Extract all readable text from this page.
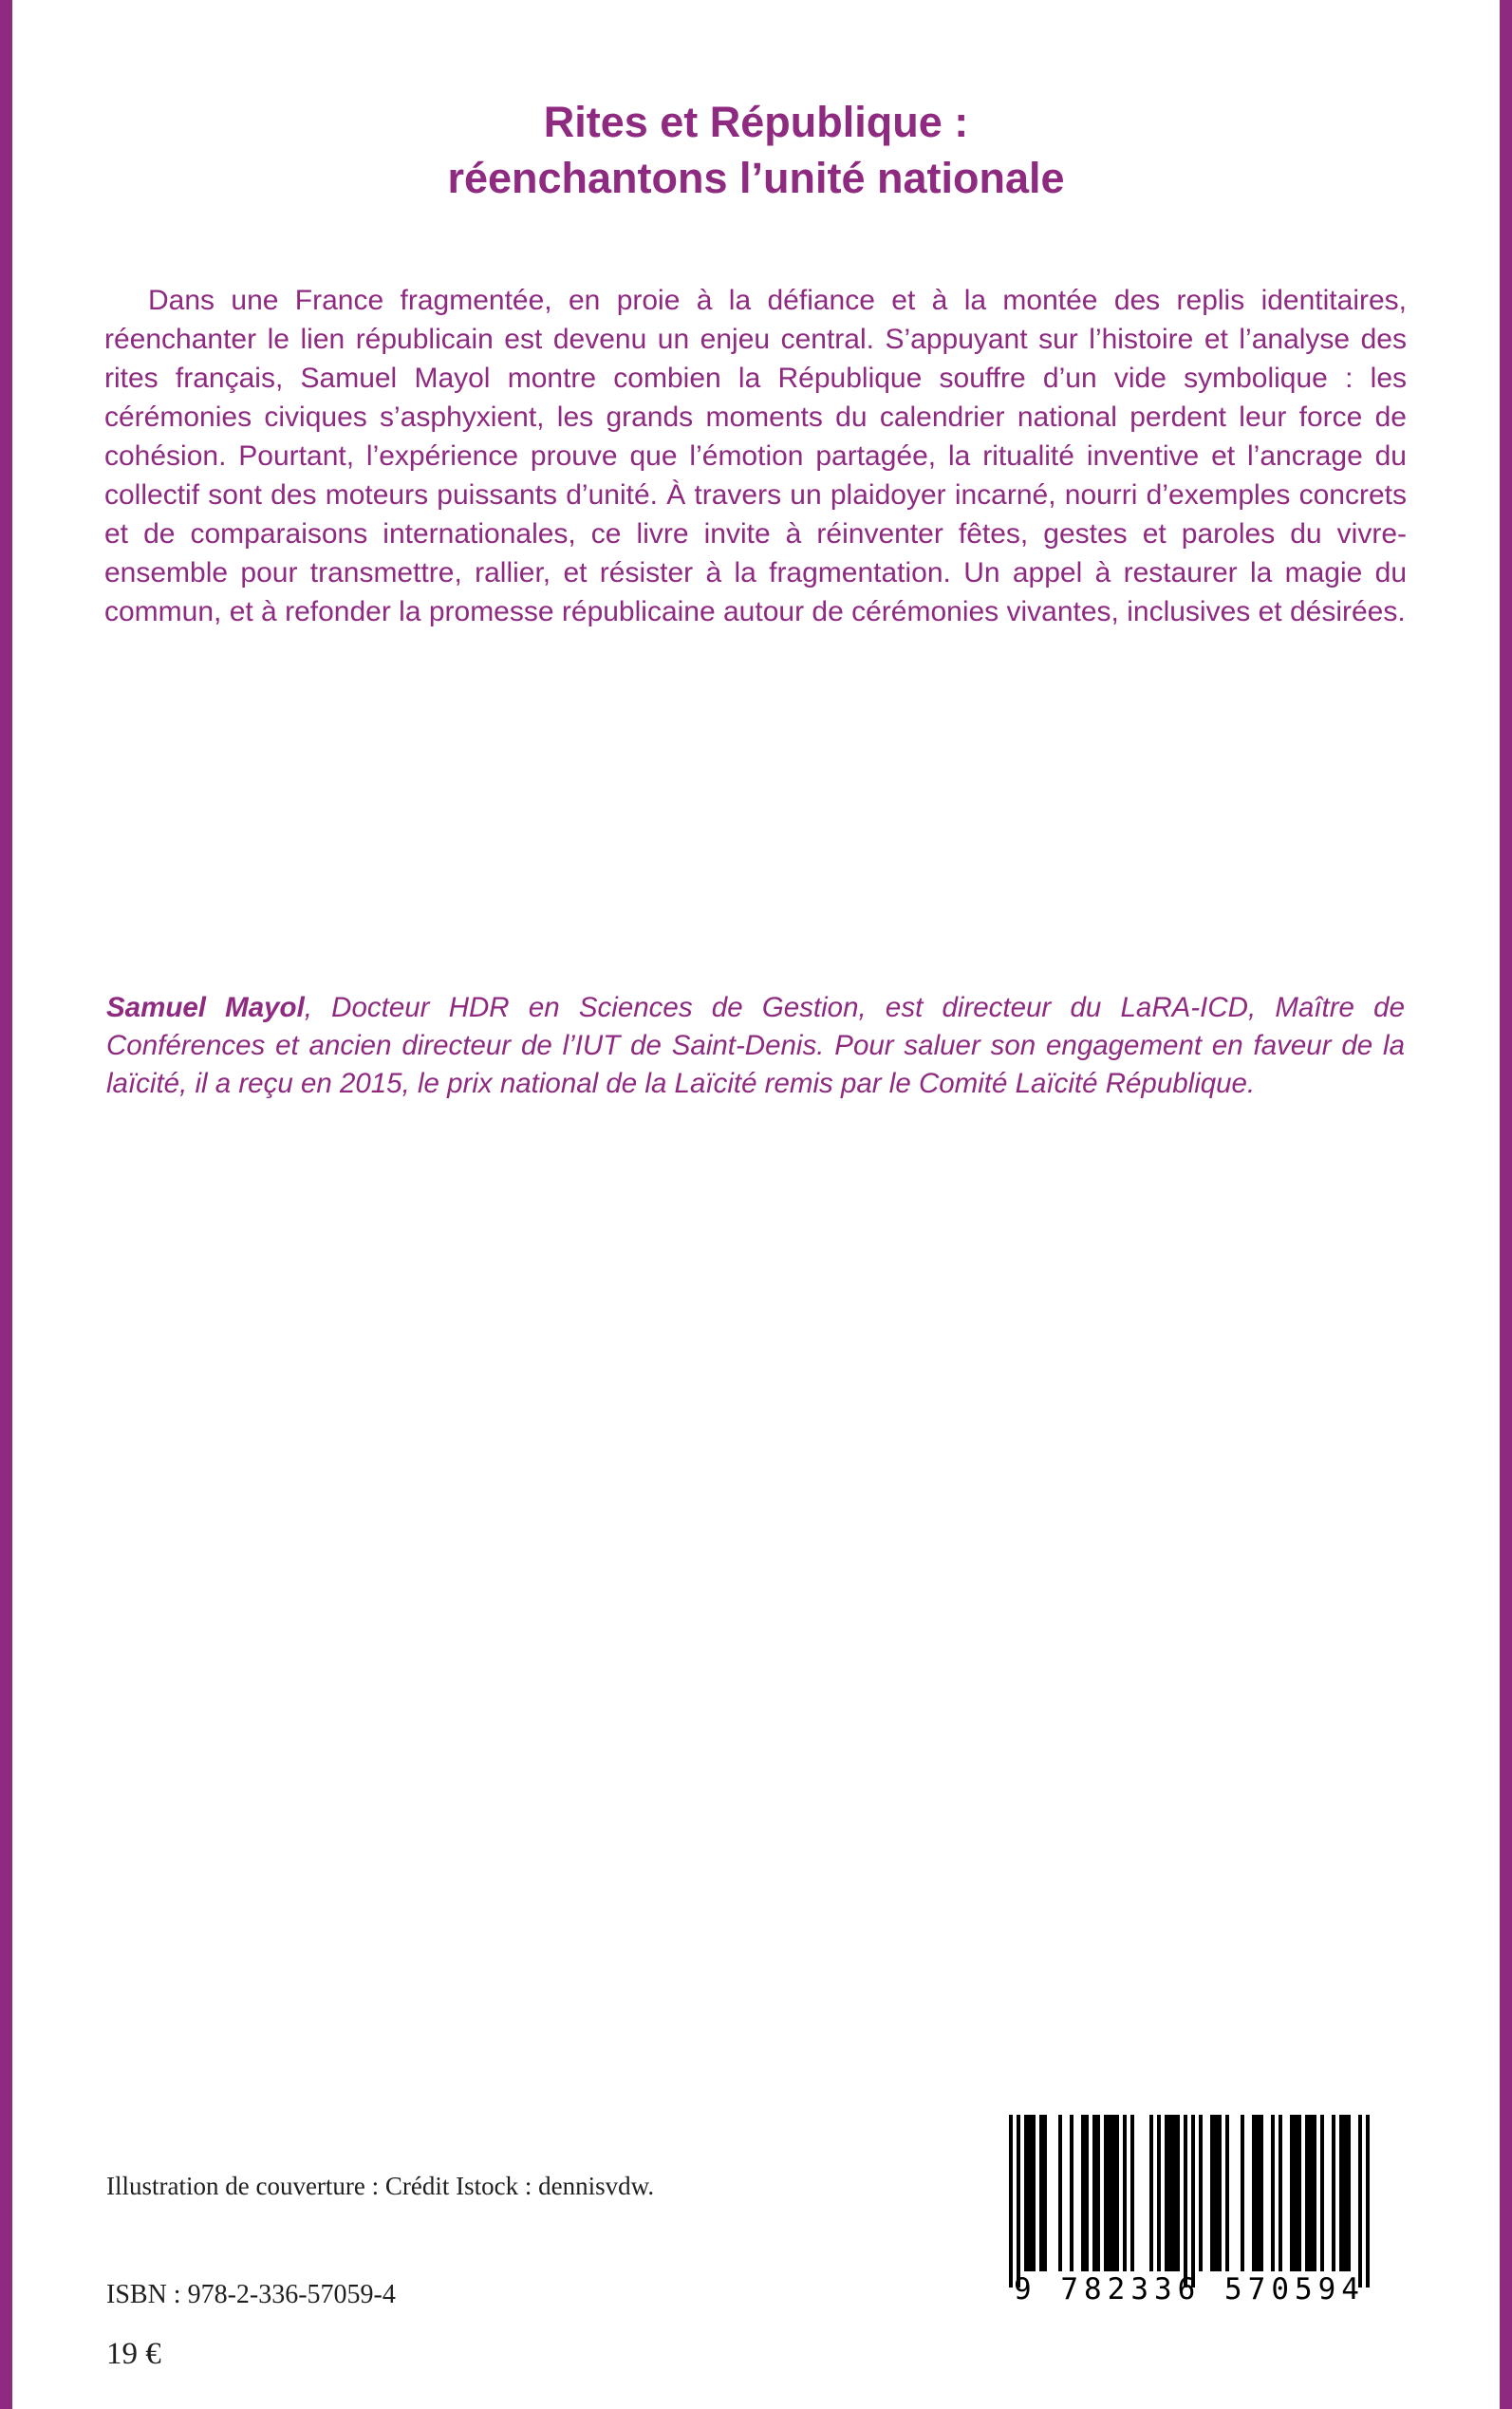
Rites et République :
réenchantons l’unité nationale

Dans une France fragmentée, en proie à la défiance et à la montée des replis identitaires, réenchanter le lien républicain est devenu un enjeu central. S’appuyant sur l’histoire et l’analyse des rites français, Samuel Mayol montre combien la République souffre d’un vide symbolique : les cérémonies civiques s’asphyxient, les grands moments du calendrier national perdent leur force de cohésion. Pourtant, l’expérience prouve que l’émotion partagée, la ritualité inventive et l’ancrage du collectif sont des moteurs puissants d’unité. À travers un plaidoyer incarné, nourri d’exemples concrets et de comparaisons internationales, ce livre invite à réinventer fêtes, gestes et paroles du vivre-ensemble pour transmettre, rallier, et résister à la fragmentation. Un appel à restaurer la magie du commun, et à refonder la promesse républicaine autour de cérémonies vivantes, inclusives et désirées.

Samuel Mayol, Docteur HDR en Sciences de Gestion, est directeur du LaRA-ICD, Maître de Conférences et ancien directeur de l’IUT de Saint-Denis. Pour saluer son engagement en faveur de la laïcité, il a reçu en 2015, le prix national de la Laïcité remis par le Comité Laïcité République.

Illustration de couverture : Crédit Istock : dennisvdw.
ISBN : 978-2-336-57059-4
19 €
9 782336 570594
